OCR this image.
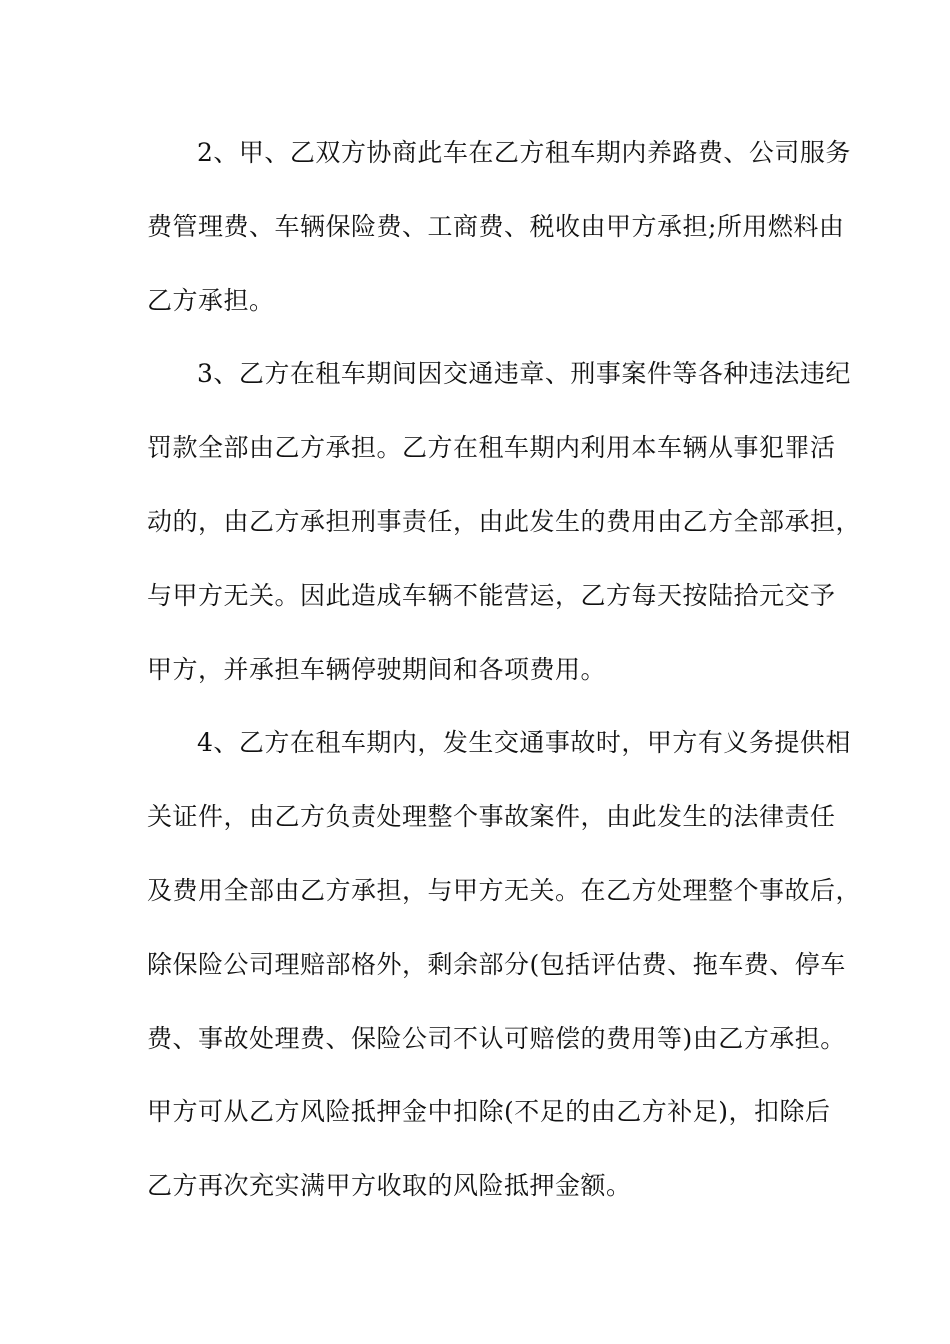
2、甲、乙双方协商此车在乙方租车期内养路费、公司服务
费管理费、车辆保险费、工商费、税收由甲方承担;所用燃料由
乙方承担。
3、乙方在租车期间因交通违章、刑事案件等各种违法违纪
罚款全部由乙方承担。乙方在租车期内利用本车辆从事犯罪活
动的，由乙方承担刑事责任，由此发生的费用由乙方全部承担，
与甲方无关。因此造成车辆不能营运，乙方每天按陆拾元交予
甲方，并承担车辆停驶期间和各项费用。
4、乙方在租车期内，发生交通事故时，甲方有义务提供相
关证件，由乙方负责处理整个事故案件，由此发生的法律责任
及费用全部由乙方承担，与甲方无关。在乙方处理整个事故后，
除保险公司理赔部格外，剩余部分(包括评估费、拖车费、停车
费、事故处理费、保险公司不认可赔偿的费用等)由乙方承担。
甲方可从乙方风险抵押金中扣除(不足的由乙方补足)，扣除后
乙方再次充实满甲方收取的风险抵押金额。
